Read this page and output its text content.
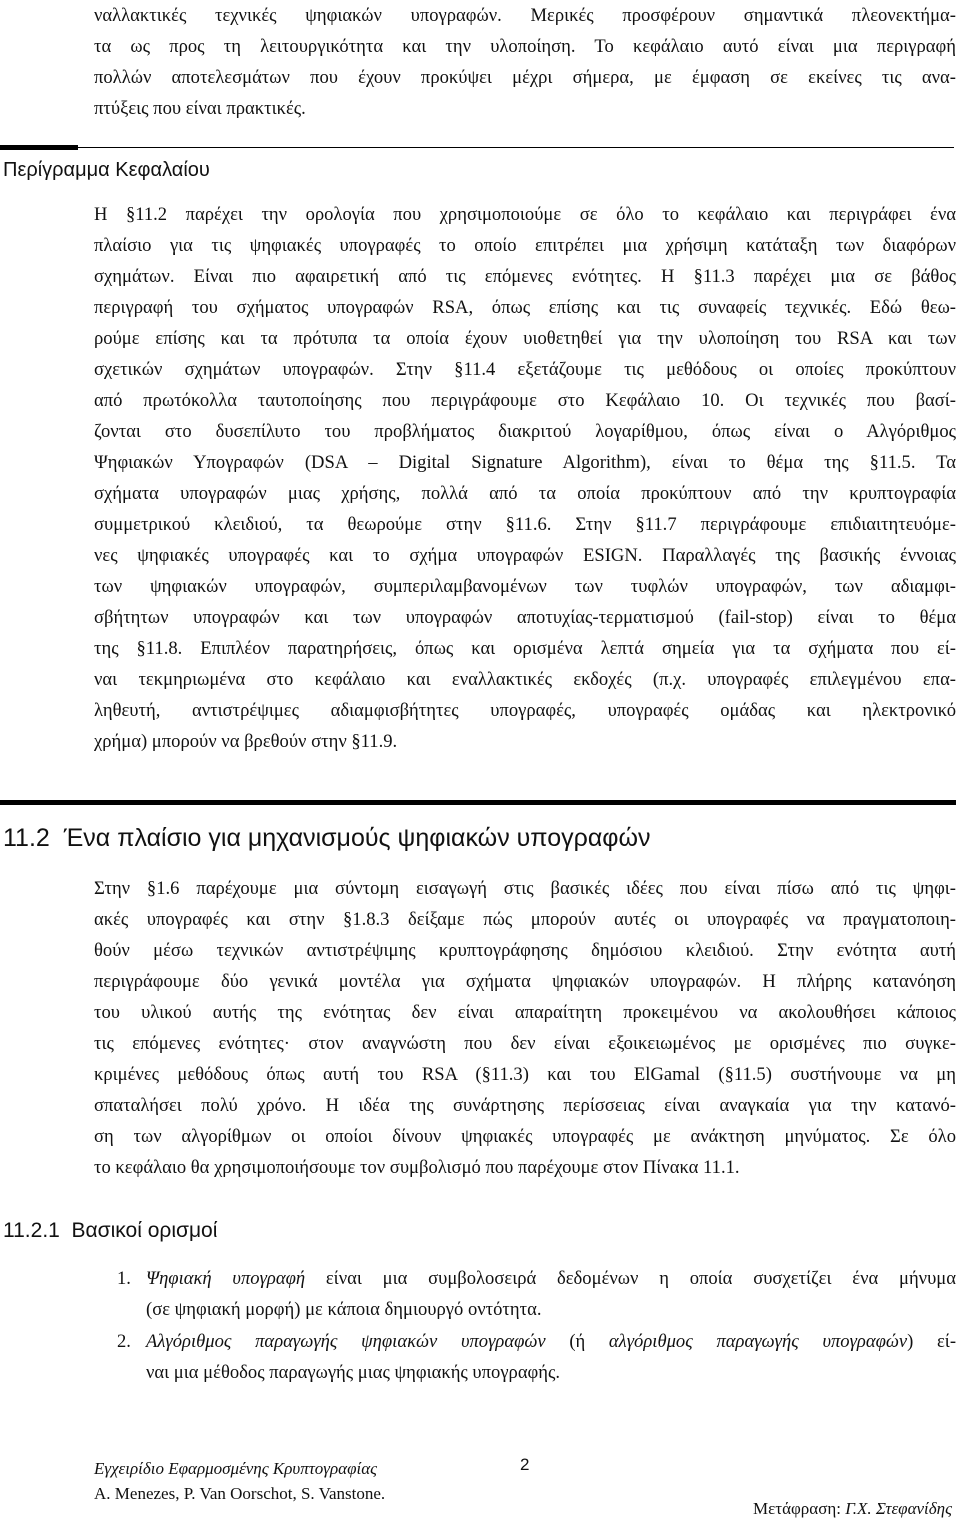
ναλλακτικές τεχνικές ψηφιακών υπογραφών. Μερικές προσφέρουν σημαντικά πλεονεκτήμα-
τα ως προς τη λειτουργικότητα και την υλοποίηση. Το κεφάλαιο αυτό είναι μια περιγραφή
πολλών αποτελεσμάτων που έχουν προκύψει μέχρι σήμερα, με έμφαση σε εκείνες τις ανα-
πτύξεις που είναι πρακτικές.
Περίγραμμα Κεφαλαίου
Η §11.2 παρέχει την ορολογία που χρησιμοποιούμε σε όλο το κεφάλαιο και περιγράφει ένα
πλαίσιο για τις ψηφιακές υπογραφές το οποίο επιτρέπει μια χρήσιμη κατάταξη των διαφόρων
σχημάτων. Είναι πιο αφαιρετική από τις επόμενες ενότητες. Η §11.3 παρέχει μια σε βάθος
περιγραφή του σχήματος υπογραφών RSA, όπως επίσης και τις συναφείς τεχνικές. Εδώ θεω-
ρούμε επίσης και τα πρότυπα τα οποία έχουν υιοθετηθεί για την υλοποίηση του RSA και των
σχετικών σχημάτων υπογραφών. Στην §11.4 εξετάζουμε τις μεθόδους οι οποίες προκύπτουν
από πρωτόκολλα ταυτοποίησης που περιγράφουμε στο Κεφάλαιο 10. Οι τεχνικές που βασί-
ζονται στο δυσεπίλυτο του προβλήματος διακριτού λογαρίθμου, όπως είναι ο Αλγόριθμος
Ψηφιακών Υπογραφών (DSA – Digital Signature Algorithm), είναι το θέμα της §11.5. Τα
σχήματα υπογραφών μιας χρήσης, πολλά από τα οποία προκύπτουν από την κρυπτογραφία
συμμετρικού κλειδιού, τα θεωρούμε στην §11.6. Στην §11.7 περιγράφουμε επιδιαιτητευόμε-
νες ψηφιακές υπογραφές και το σχήμα υπογραφών ESIGN. Παραλλαγές της βασικής έννοιας
των ψηφιακών υπογραφών, συμπεριλαμβανομένων των τυφλών υπογραφών, των αδιαμφι-
σβήτητων υπογραφών και των υπογραφών αποτυχίας-τερματισμού (fail-stop) είναι το θέμα
της §11.8. Επιπλέον παρατηρήσεις, όπως και ορισμένα λεπτά σημεία για τα σχήματα που εί-
ναι τεκμηριωμένα στο κεφάλαιο και εναλλακτικές εκδοχές (π.χ. υπογραφές επιλεγμένου επα-
ληθευτή, αντιστρέψιμες αδιαμφισβήτητες υπογραφές, υπογραφές ομάδας και ηλεκτρονικό
χρήμα) μπορούν να βρεθούν στην §11.9.
11.2  Ένα πλαίσιο για μηχανισμούς ψηφιακών υπογραφών
Στην §1.6 παρέχουμε μια σύντομη εισαγωγή στις βασικές ιδέες που είναι πίσω από τις ψηφι-
ακές υπογραφές και στην §1.8.3 δείξαμε πώς μπορούν αυτές οι υπογραφές να πραγματοποιη-
θούν μέσω τεχνικών αντιστρέψιμης κρυπτογράφησης δημόσιου κλειδιού. Στην ενότητα αυτή
περιγράφουμε δύο γενικά μοντέλα για σχήματα ψηφιακών υπογραφών. Η πλήρης κατανόηση
του υλικού αυτής της ενότητας δεν είναι απαραίτητη προκειμένου να ακολουθήσει κάποιος
τις επόμενες ενότητες· στον αναγνώστη που δεν είναι εξοικειωμένος με ορισμένες πιο συγκε-
κριμένες μεθόδους όπως αυτή του RSA (§11.3) και του ElGamal (§11.5) συστήνουμε να μη
σπαταλήσει πολύ χρόνο. Η ιδέα της συνάρτησης περίσσειας είναι αναγκαία για την κατανό-
ση των αλγορίθμων οι οποίοι δίνουν ψηφιακές υπογραφές με ανάκτηση μηνύματος. Σε όλο
το κεφάλαιο θα χρησιμοποιήσουμε τον συμβολισμό που παρέχουμε στον Πίνακα 11.1.
11.2.1  Βασικοί ορισμοί
1. Ψηφιακή υπογραφή είναι μια συμβολοσειρά δεδομένων η οποία συσχετίζει ένα μήνυμα
(σε ψηφιακή μορφή) με κάποια δημιουργό οντότητα.
2. Αλγόριθμος παραγωγής ψηφιακών υπογραφών (ή αλγόριθμος παραγωγής υπογραφών) εί-
ναι μια μέθοδος παραγωγής μιας ψηφιακής υπογραφής.
Εγχειρίδιο Εφαρμοσμένης Κρυπτογραφίας	2
A. Menezes, P. Van Oorschot, S. Vanstone.
Μετάφραση: Γ.Χ. Στεφανίδης
